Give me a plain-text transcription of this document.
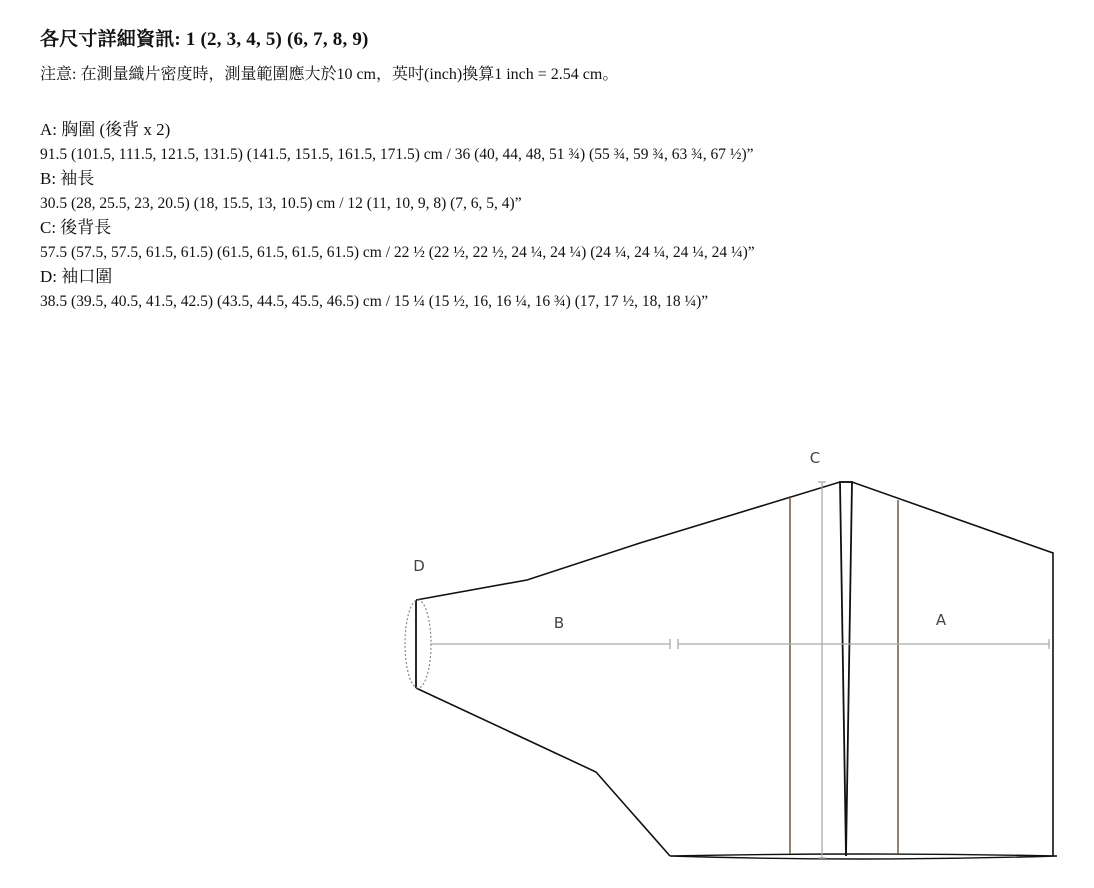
各尺寸詳細資訊: 1 (2, 3, 4, 5) (6, 7, 8, 9)
注意: 在測量織片密度時，測量範圍應大於10 cm，英吋(inch)換算1 inch = 2.54 cm。
A: 胸圍 (後背 x 2)
91.5 (101.5, 111.5, 121.5, 131.5) (141.5, 151.5, 161.5, 171.5) cm / 36 (40, 44, 48, 51 ¾) (55 ¾, 59 ¾, 63 ¾, 67 ½)”
B: 袖長
30.5 (28, 25.5, 23, 20.5) (18, 15.5, 13, 10.5) cm / 12 (11, 10, 9, 8) (7, 6, 5, 4)”
C: 後背長
57.5 (57.5, 57.5, 61.5, 61.5) (61.5, 61.5, 61.5, 61.5) cm / 22 ½ (22 ½, 22 ½, 24 ¼, 24 ¼) (24 ¼, 24 ¼, 24 ¼, 24 ¼)”
D: 袖口圍
38.5 (39.5, 40.5, 41.5, 42.5) (43.5, 44.5, 45.5, 46.5) cm / 15 ¼ (15 ½, 16, 16 ¼, 16 ¾) (17, 17 ½, 18, 18 ¼)”
C
D
B	A
